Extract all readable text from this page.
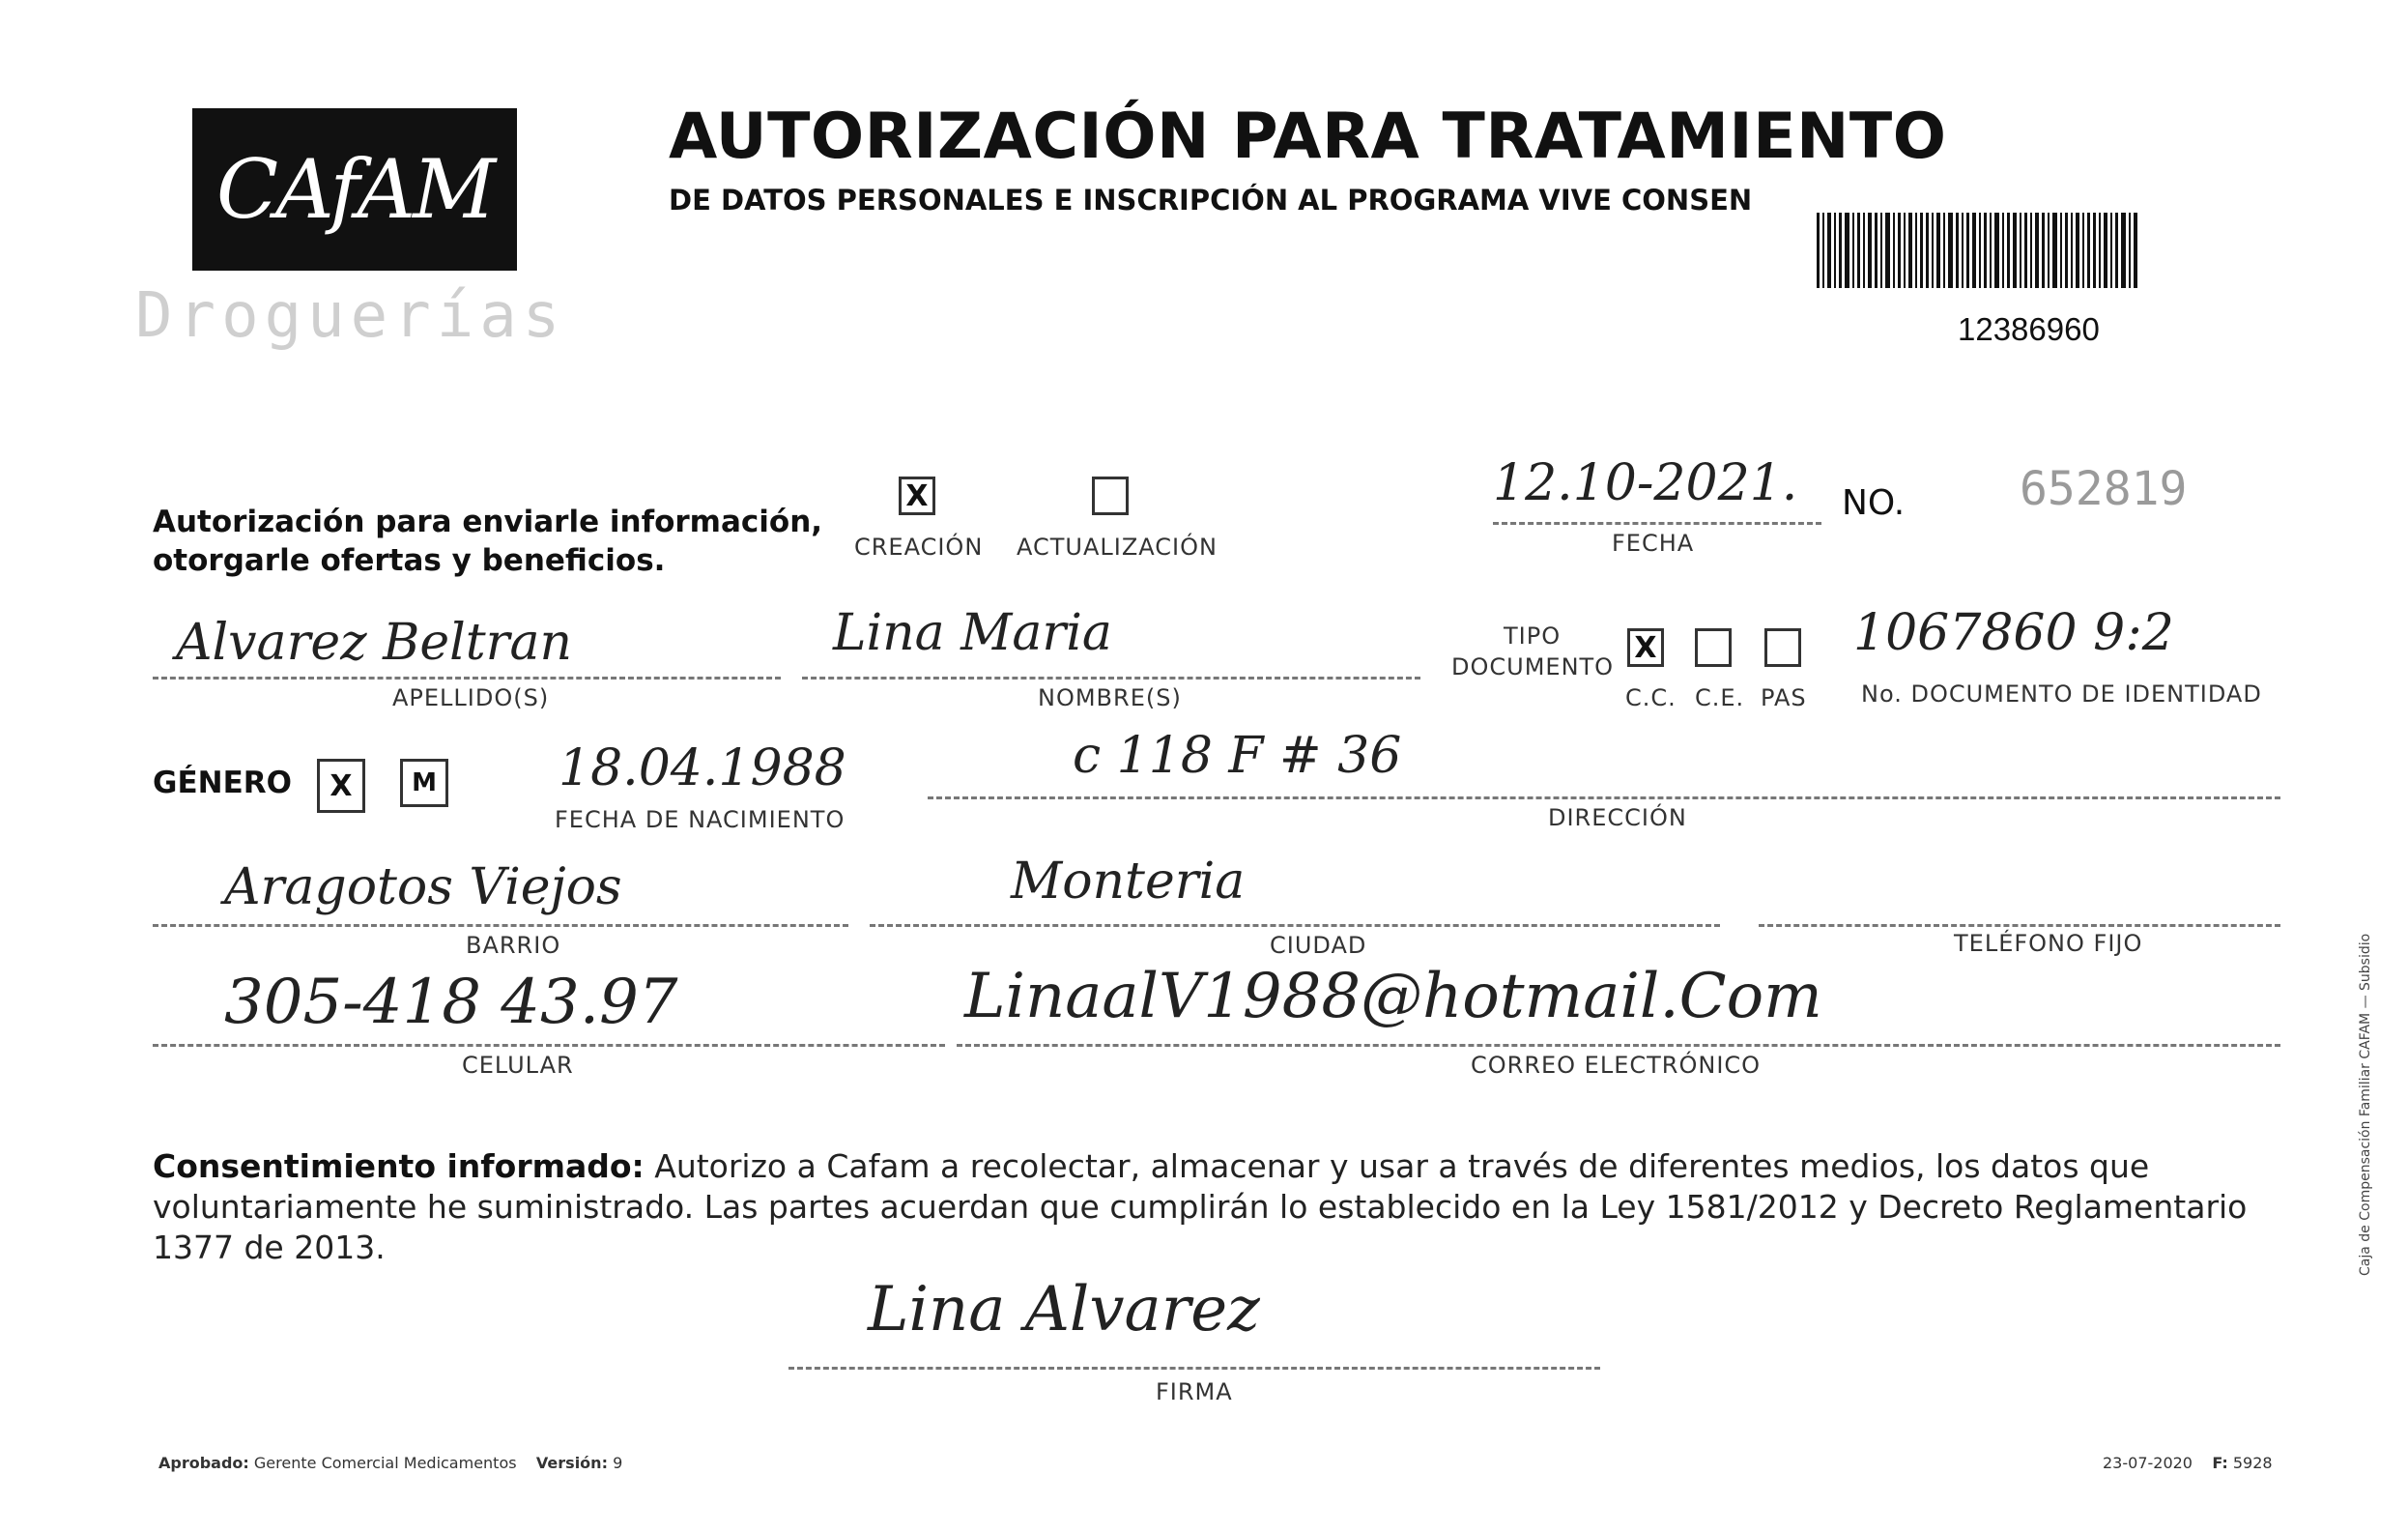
CAfAM
Droguerías
AUTORIZACIÓN PARA TRATAMIENTO
DE DATOS PERSONALES E INSCRIPCIÓN AL PROGRAMA VIVE CONSEN
12386960
Autorización para enviarle información,
otorgarle ofertas y beneficios.
X
CREACIÓN ACTUALIZACIÓN
12.10-2021.
FECHA
NO. 652819
Alvarez Beltran
APELLIDO(S)
Lina Maria
NOMBRE(S)
TIPO
DOCUMENTO
X
C.C. C.E. PAS
1067860 9:2
No. DOCUMENTO DE IDENTIDAD
GÉNERO	X	M 18.04.1988
FECHA DE NACIMIENTO
c 118 F # 36
DIRECCIÓN
Aragotos Viejos
BARRIO
Monteria
CIUDAD	TELÉFONO FIJO
305-418 43.97
CELULAR
LinaalV1988@hotmail.Com
CORREO ELECTRÓNICO
Consentimiento informado: Autorizo a Cafam a recolectar, almacenar y usar a través de diferentes medios, los datos que voluntariamente he suministrado. Las partes acuerdan que cumplirán lo establecido en la Ley 1581/2012 y Decreto Reglamentario 1377 de 2013.
Lina Alvarez
FIRMA
Aprobado: Gerente Comercial Medicamentos Versión: 9	23-07-2020 F: 5928
Caja de Compensación Familiar CAFAM — Subsidio
